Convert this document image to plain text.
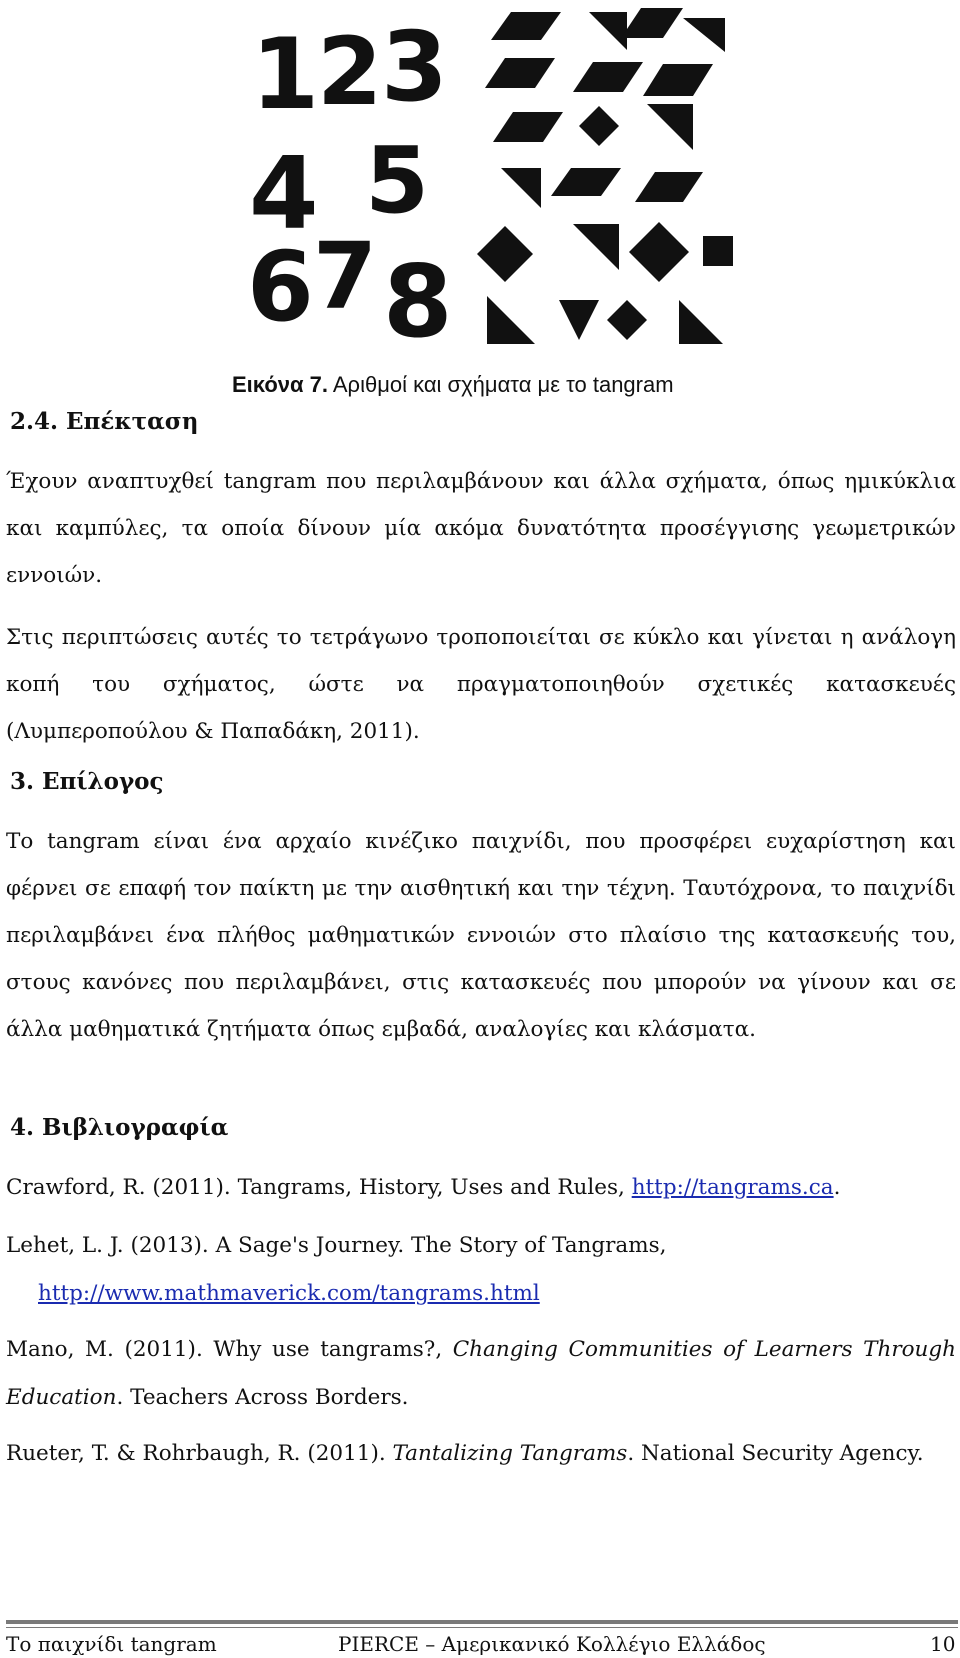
1
2
3
4 5
6 7 8
Εικόνα 7. Αριθμοί και σχήματα με το tangram
2.4. Επέκταση

Έχουν αναπτυχθεί tangram που περιλαμβάνουν και άλλα σχήματα, όπως ημικύκλια και καμπύλες, τα οποία δίνουν μία ακόμα δυνατότητα προσέγγισης γεωμετρικών εννοιών.

Στις περιπτώσεις αυτές το τετράγωνο τροποποιείται σε κύκλο και γίνεται η ανάλογη κοπή του σχήματος, ώστε να πραγματοποιηθούν σχετικές κατασκευές (Λυμπεροπούλου & Παπαδάκη, 2011).

3. Επίλογος

Το tangram είναι ένα αρχαίο κινέζικο παιχνίδι, που προσφέρει ευχαρίστηση και φέρνει σε επαφή τον παίκτη με την αισθητική και την τέχνη. Ταυτόχρονα, το παιχνίδι περιλαμβάνει ένα πλήθος μαθηματικών εννοιών στο πλαίσιο της κατασκευής του, στους κανόνες που περιλαμβάνει, στις κατασκευές που μπορούν να γίνουν και σε άλλα μαθηματικά ζητήματα όπως εμβαδά, αναλογίες και κλάσματα.

4. Βιβλιογραφία
Crawford, R. (2011). Tangrams, History, Uses and Rules, http://tangrams.ca.
Lehet, L. J. (2013). A Sage's Journey. The Story of Tangrams,
http://www.mathmaverick.com/tangrams.html
Mano, M. (2011). Why use tangrams?, Changing Communities of Learners Through Education. Teachers Across Borders.
Rueter, T. & Rohrbaugh, R. (2011). Tantalizing Tangrams. National Security Agency.
Το παιχνίδι tangram	PIERCE – Αμερικανικό Κολλέγιο Ελλάδος	10
